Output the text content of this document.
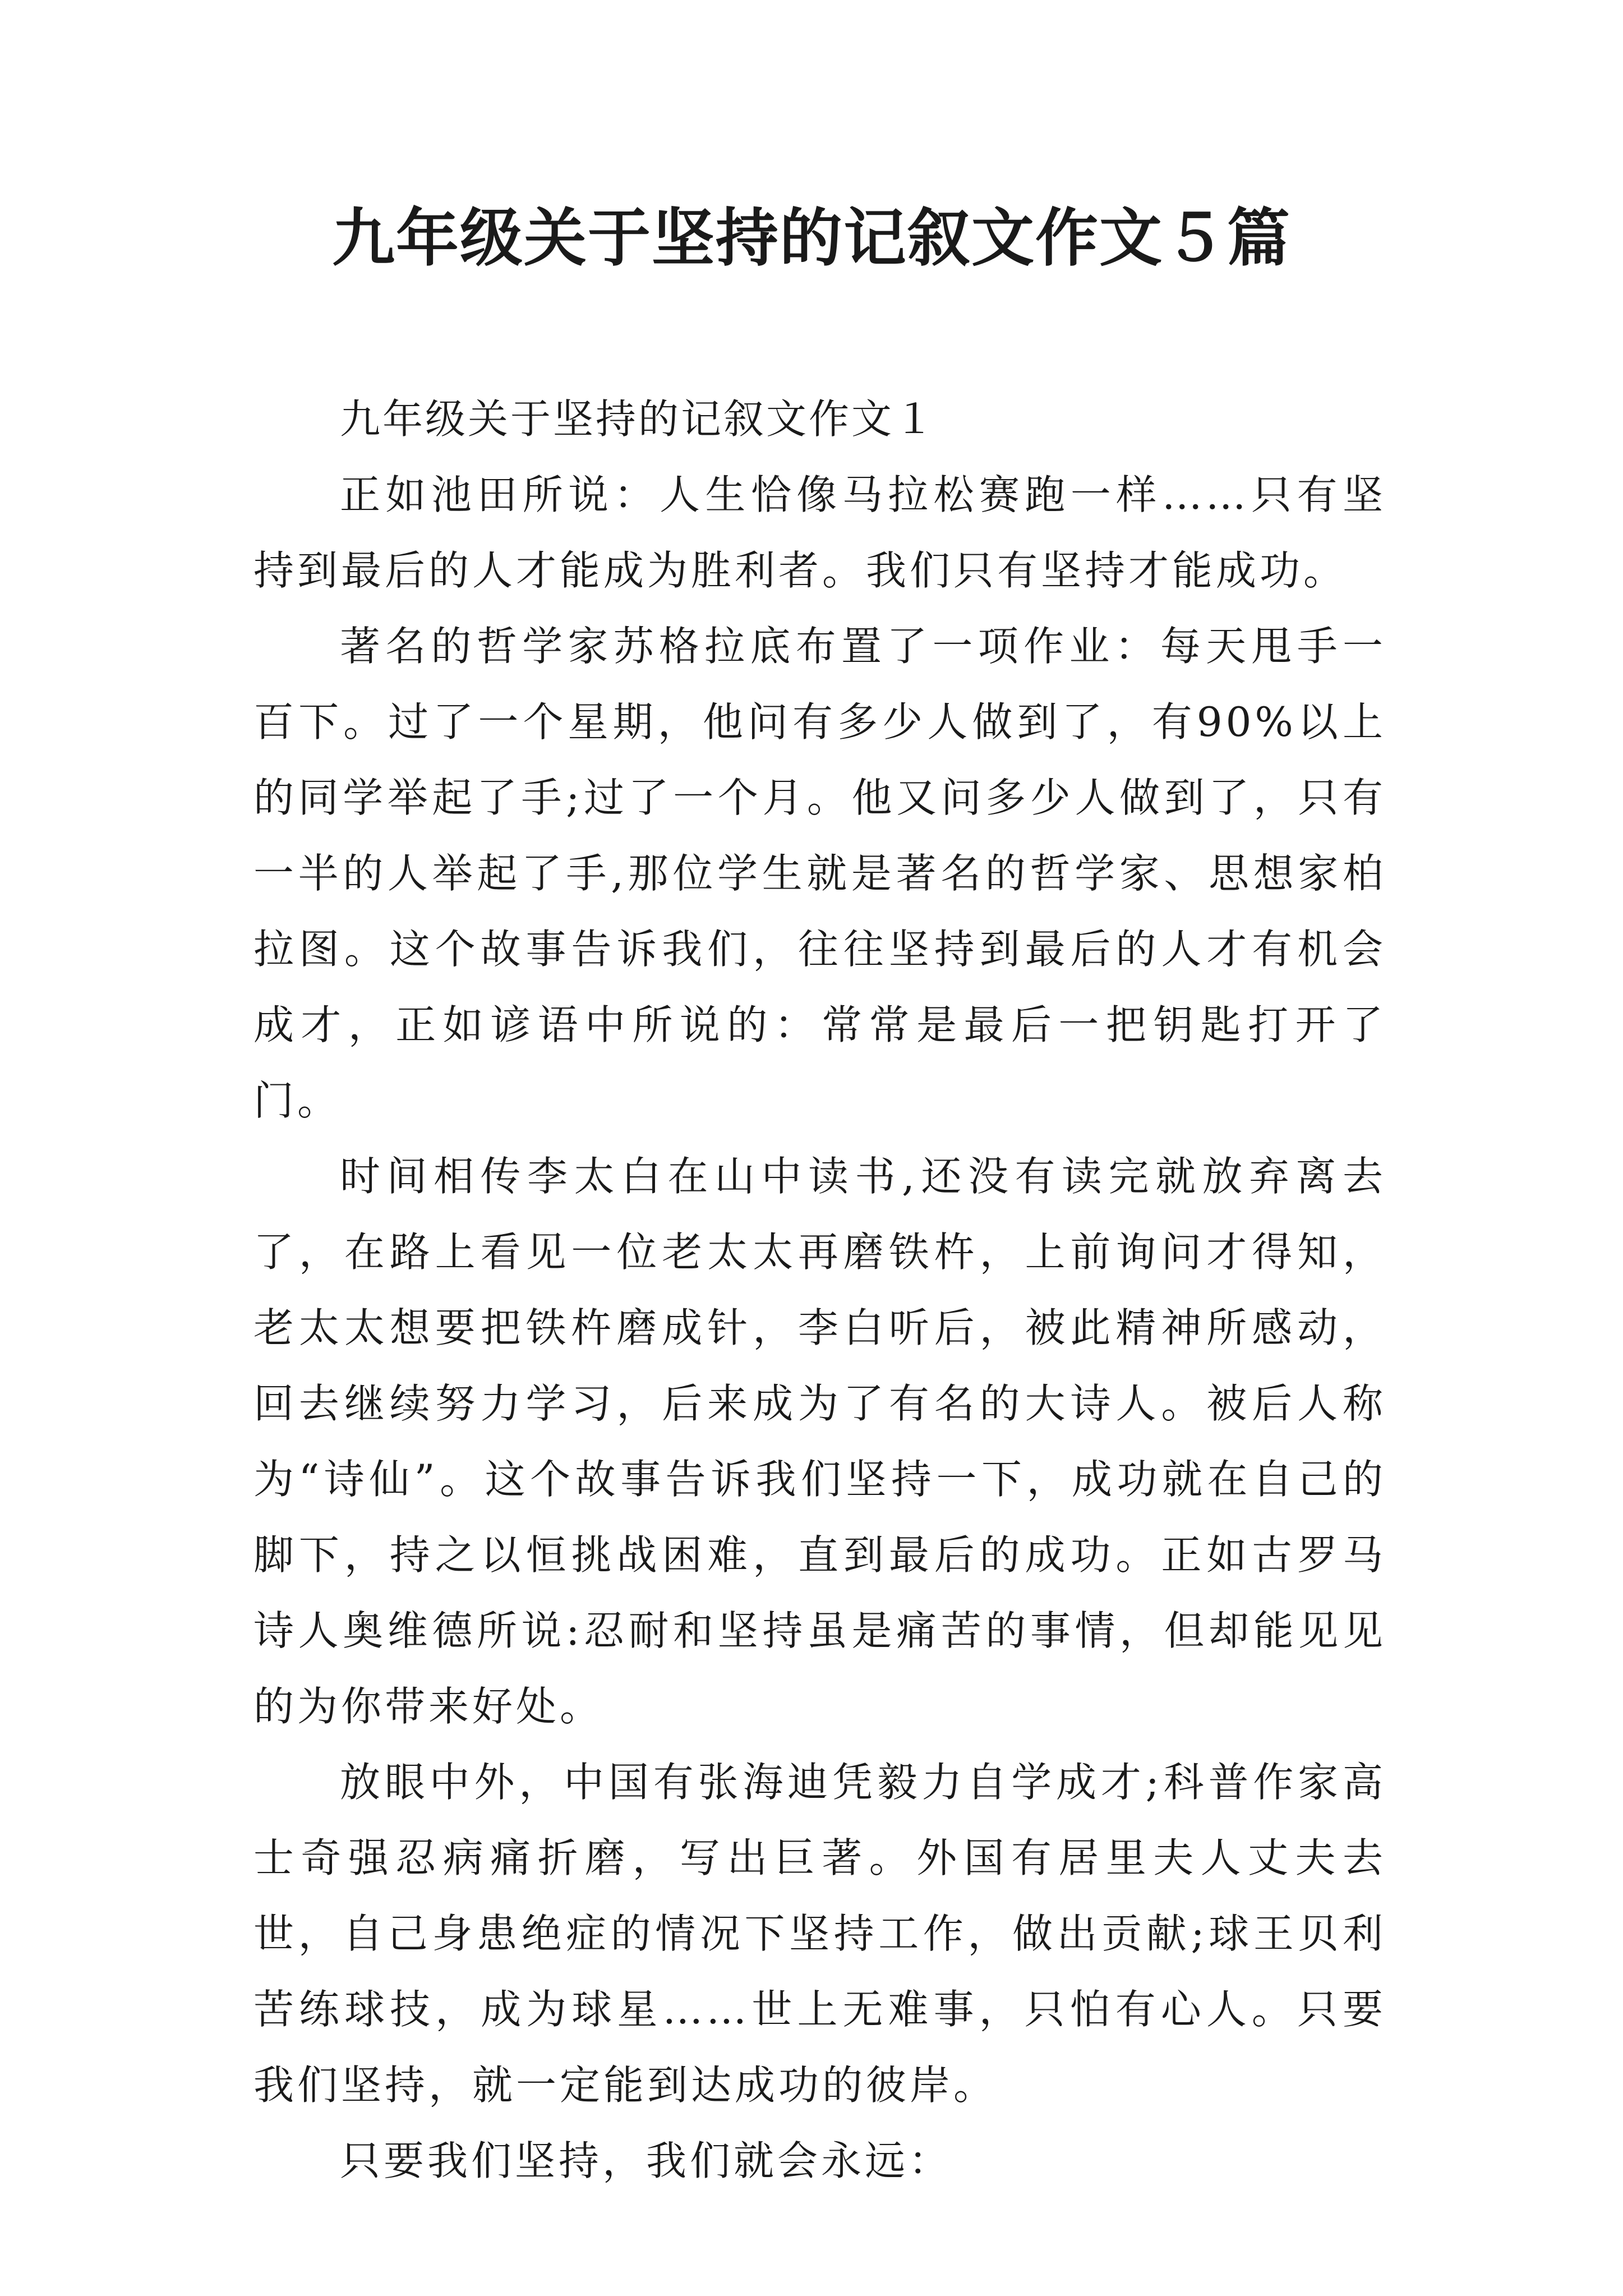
九年级关于坚持的记叙文作文５篇

九年级关于坚持的记叙文作文１

正如池田所说：人生恰像马拉松赛跑一样……只有坚持到最后的人才能成为胜利者。我们只有坚持才能成功。

著名的哲学家苏格拉底布置了一项作业：每天甩手一百下。过了一个星期，他问有多少人做到了，有90%以上的同学举起了手;过了一个月。他又问多少人做到了，只有一半的人举起了手,那位学生就是著名的哲学家、思想家柏拉图。这个故事告诉我们，往往坚持到最后的人才有机会成才，正如谚语中所说的：常常是最后一把钥匙打开了门。

时间相传李太白在山中读书,还没有读完就放弃离去了，在路上看见一位老太太再磨铁杵，上前询问才得知，老太太想要把铁杵磨成针，李白听后，被此精神所感动，回去继续努力学习，后来成为了有名的大诗人。被后人称为“诗仙”。这个故事告诉我们坚持一下，成功就在自己的脚下，持之以恒挑战困难，直到最后的成功。正如古罗马诗人奥维德所说:忍耐和坚持虽是痛苦的事情，但却能见见的为你带来好处。

放眼中外，中国有张海迪凭毅力自学成才;科普作家高士奇强忍病痛折磨，写出巨著。外国有居里夫人丈夫去世，自己身患绝症的情况下坚持工作，做出贡献;球王贝利苦练球技，成为球星……世上无难事，只怕有心人。只要我们坚持，就一定能到达成功的彼岸。

只要我们坚持，我们就会永远：
